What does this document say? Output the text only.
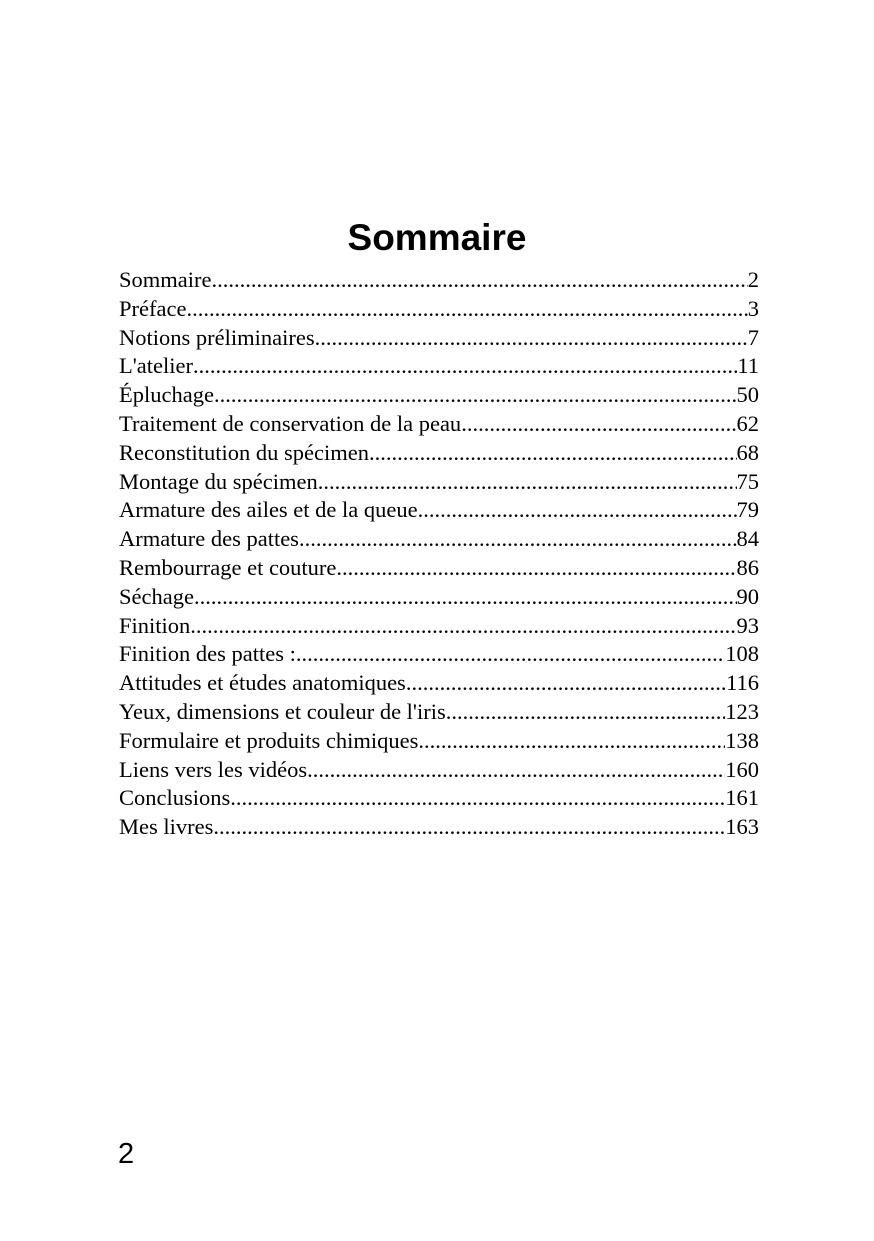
Sommaire
Sommaire .....	2
Préface .....	3
Notions préliminaires .....	7
L'atelier .....	11
Épluchage .....	50
Traitement de conservation de la peau .....	62
Reconstitution du spécimen .....	68
Montage du spécimen .....	75
Armature des ailes et de la queue .....	79
Armature des pattes .....	84
Rembourrage et couture .....	86
Séchage .....	90
Finition .....	93
Finition des pattes : .....	108
Attitudes et études anatomiques .....	116
Yeux, dimensions et couleur de l'iris .....	123
Formulaire et produits chimiques .....	138
Liens vers les vidéos .....	160
Conclusions .....	161
Mes livres .....	163
2
